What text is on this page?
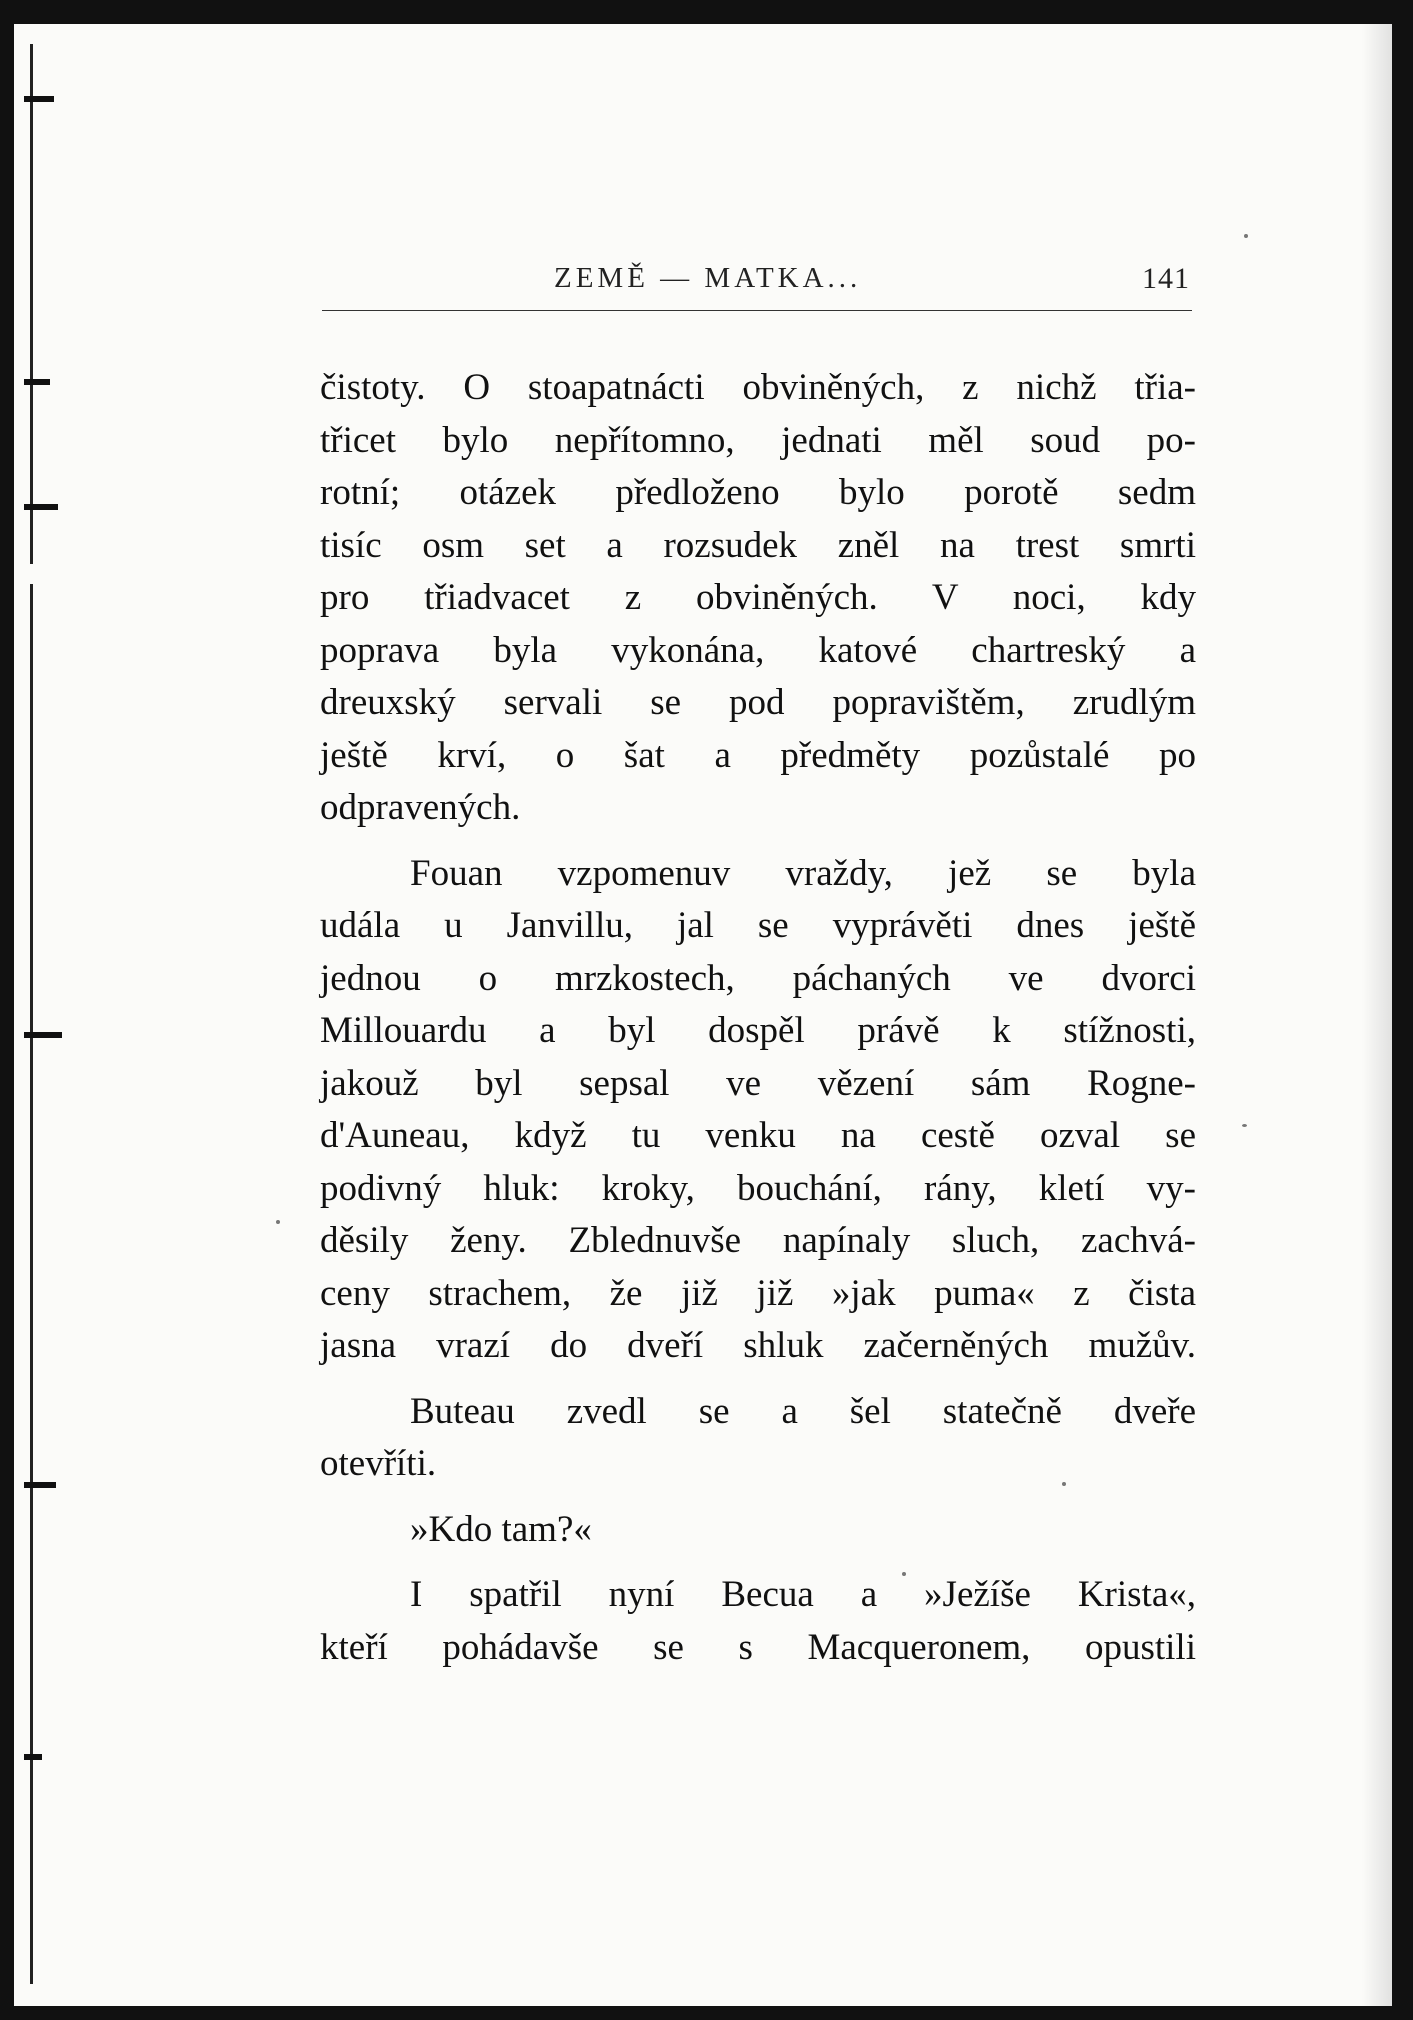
ZEMĚ — MATKA...	141
čistoty. O stoapatnácti obviněných, z nichž třia-
třicet bylo nepřítomno, jednati měl soud po-
rotní; otázek předloženo bylo porotě sedm
tisíc osm set a rozsudek zněl na trest smrti
pro třiadvacet z obviněných. V noci, kdy
poprava byla vykonána, katové chartreský a
dreuxský servali se pod popravištěm, zrudlým
ještě krví, o šat a předměty pozůstalé po
odpravených.
Fouan vzpomenuv vraždy, jež se byla
udála u Janvillu, jal se vyprávěti dnes ještě
jednou o mrzkostech, páchaných ve dvorci
Millouardu a byl dospěl právě k stížnosti,
jakouž byl sepsal ve vězení sám Rogne-
d'Auneau, když tu venku na cestě ozval se
podivný hluk: kroky, bouchání, rány, kletí vy-
děsily ženy. Zblednuvše napínaly sluch, zachvá-
ceny strachem, že již již »jak puma« z čista
jasna vrazí do dveří shluk začerněných mužův.
Buteau zvedl se a šel statečně dveře
otevříti.
»Kdo tam?«
I spatřil nyní Becua a »Ježíše Krista«,
kteří pohádavše se s Macqueronem, opustili
